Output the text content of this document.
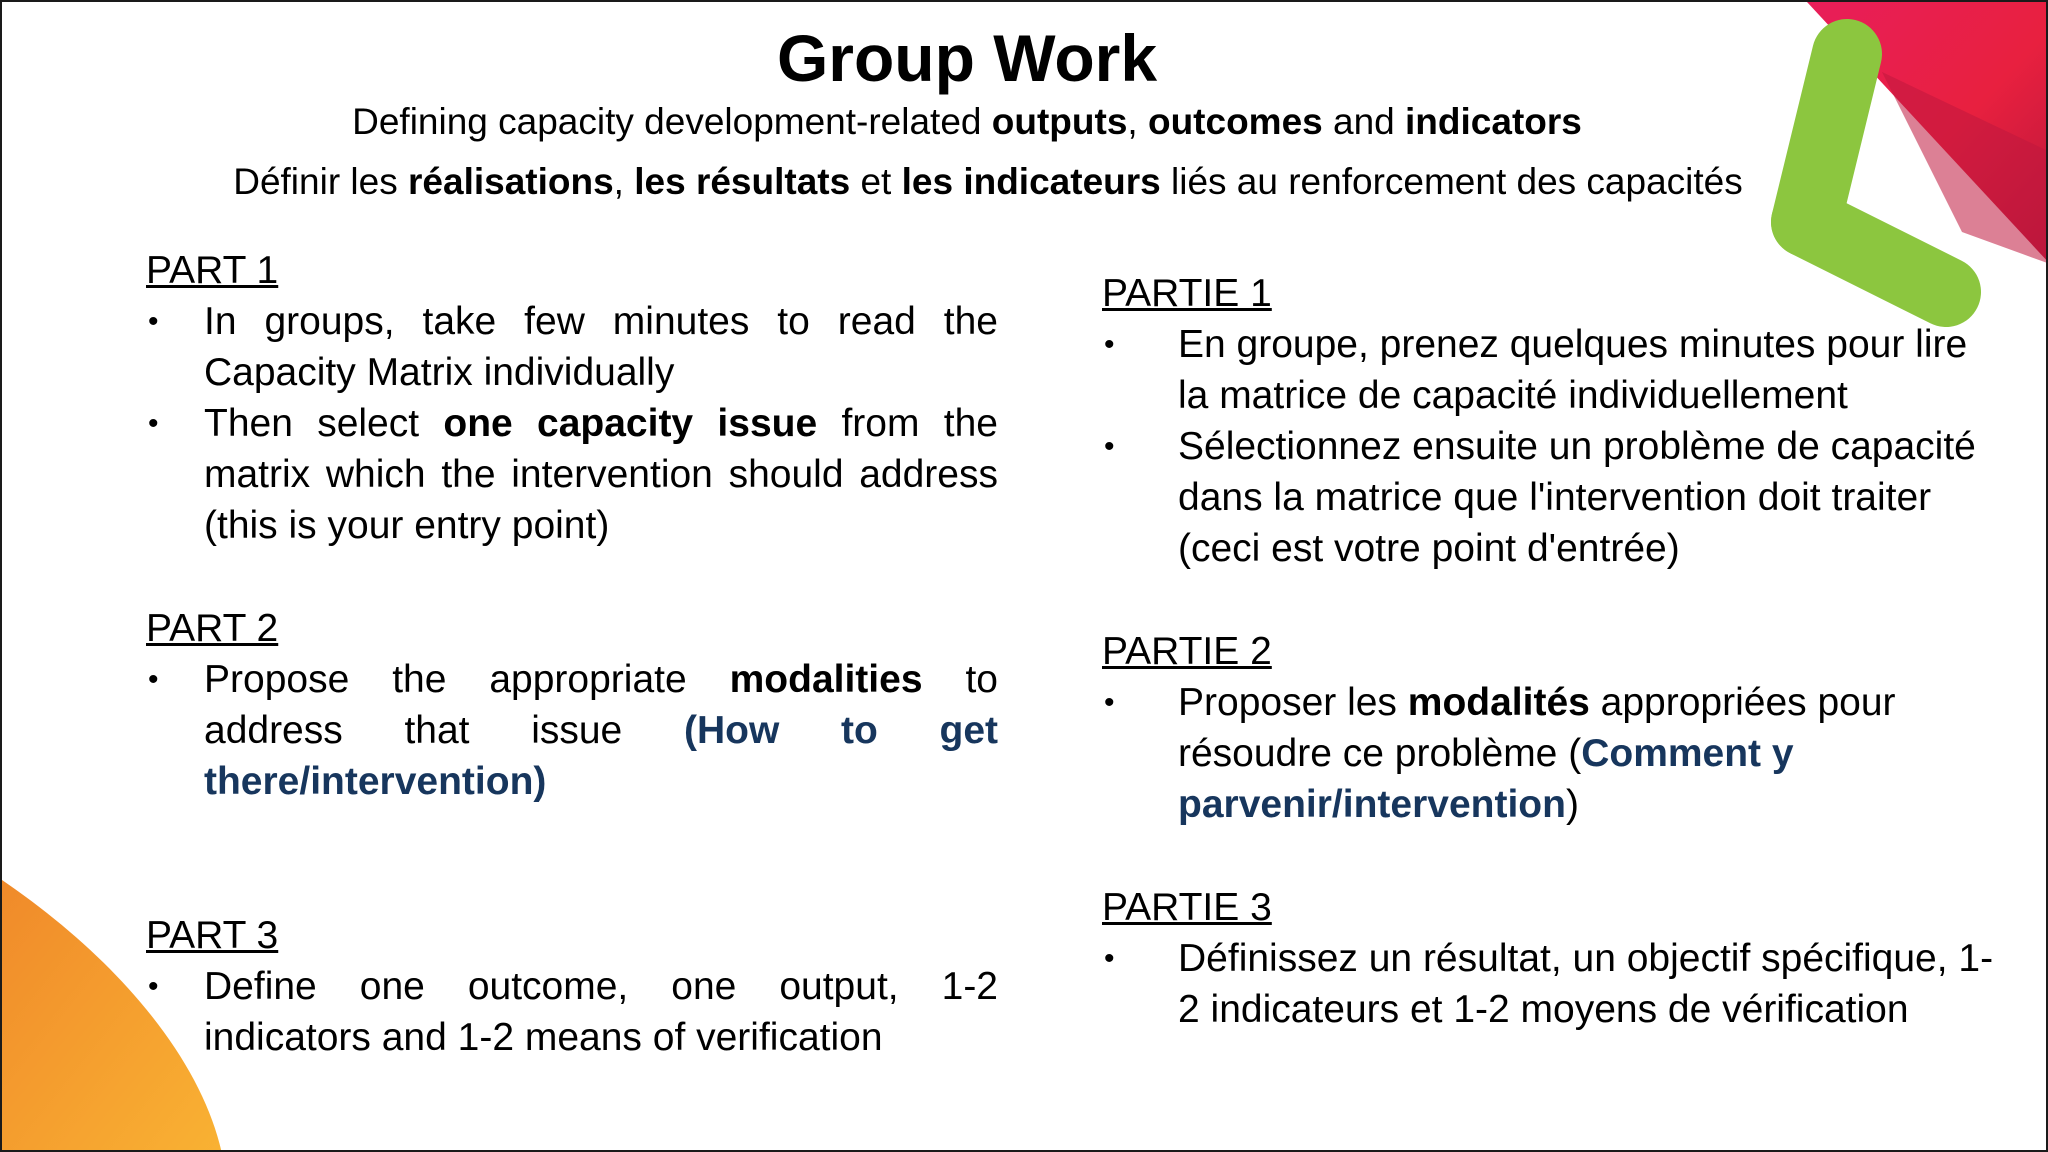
Group Work

Defining capacity development-related outputs, outcomes and indicators

Définir les réalisations, les résultats et les indicateurs liés au renforcement des capacités

PART 1
• In groups, take few minutes to read the Capacity Matrix individually
• Then select one capacity issue from the matrix which the intervention should address (this is your entry point)
PART 2
• Propose the appropriate modalities to address that issue (How to get there/intervention)
PART 3
• Define one outcome, one output, 1-2 indicators and 1-2 means of verification
PARTIE 1
• En groupe, prenez quelques minutes pour lire la matrice de capacité individuellement
• Sélectionnez ensuite un problème de capacité dans la matrice que l'intervention doit traiter (ceci est votre point d'entrée)
PARTIE 2
• Proposer les modalités appropriées pour résoudre ce problème (Comment y parvenir/intervention)
PARTIE 3
• Définissez un résultat, un objectif spécifique, 1-2 indicateurs et 1-2 moyens de vérification
